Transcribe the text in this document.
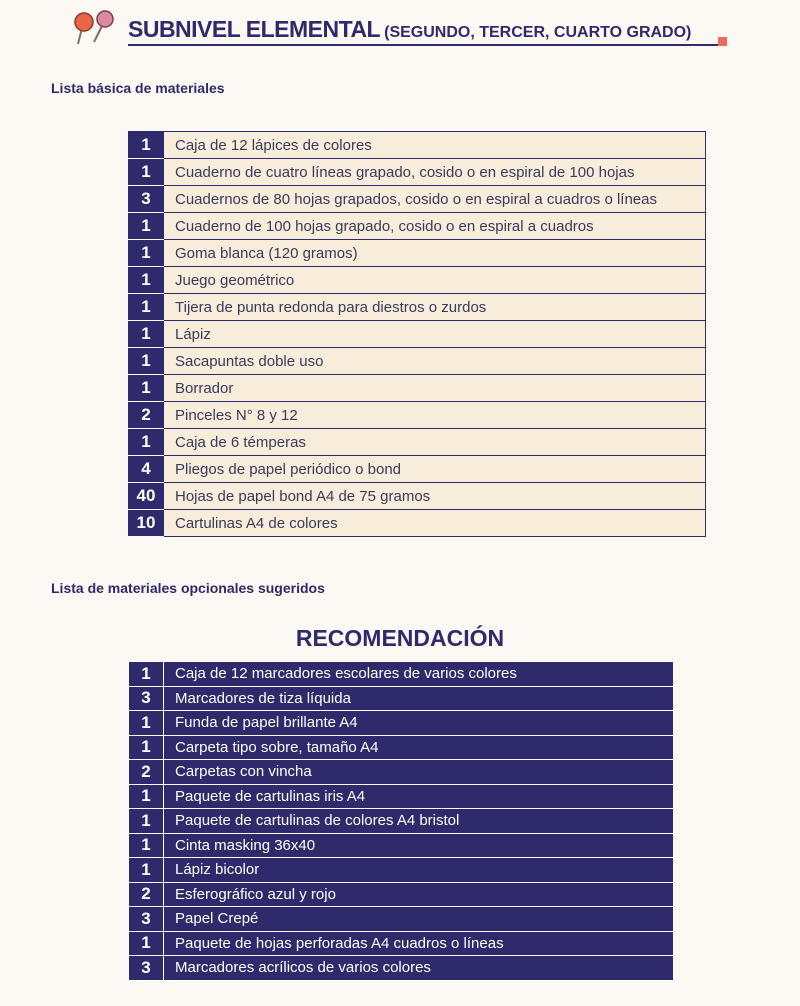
SUBNIVEL ELEMENTAL (SEGUNDO, TERCER, CUARTO GRADO)
Lista básica de materiales
1	Caja de 12 lápices de colores
1	Cuaderno de cuatro líneas grapado, cosido o en espiral de 100 hojas
3	Cuadernos de 80 hojas grapados, cosido o en espiral a cuadros o líneas
1	Cuaderno de 100 hojas grapado, cosido o en espiral a cuadros
1	Goma blanca (120 gramos)
1	Juego geométrico
1	Tijera de punta redonda para diestros o zurdos
1	Lápiz
1	Sacapuntas doble uso
1	Borrador
2	Pinceles N° 8 y 12
1	Caja de 6 témperas
4	Pliegos de papel periódico o bond
40	Hojas de papel bond A4 de 75 gramos
10	Cartulinas A4 de colores
Lista de materiales opcionales sugeridos
RECOMENDACIÓN
1	Caja de 12 marcadores escolares de varios colores
3	Marcadores de tiza líquida
1	Funda de papel brillante A4
1	Carpeta tipo sobre, tamaño A4
2	Carpetas con vincha
1	Paquete de cartulinas iris A4
1	Paquete de cartulinas de colores A4 bristol
1	Cinta masking 36x40
1	Lápiz bicolor
2	Esferográfico azul y rojo
3	Papel Crepé
1	Paquete de hojas perforadas A4 cuadros o líneas
3	Marcadores acrílicos de varios colores
